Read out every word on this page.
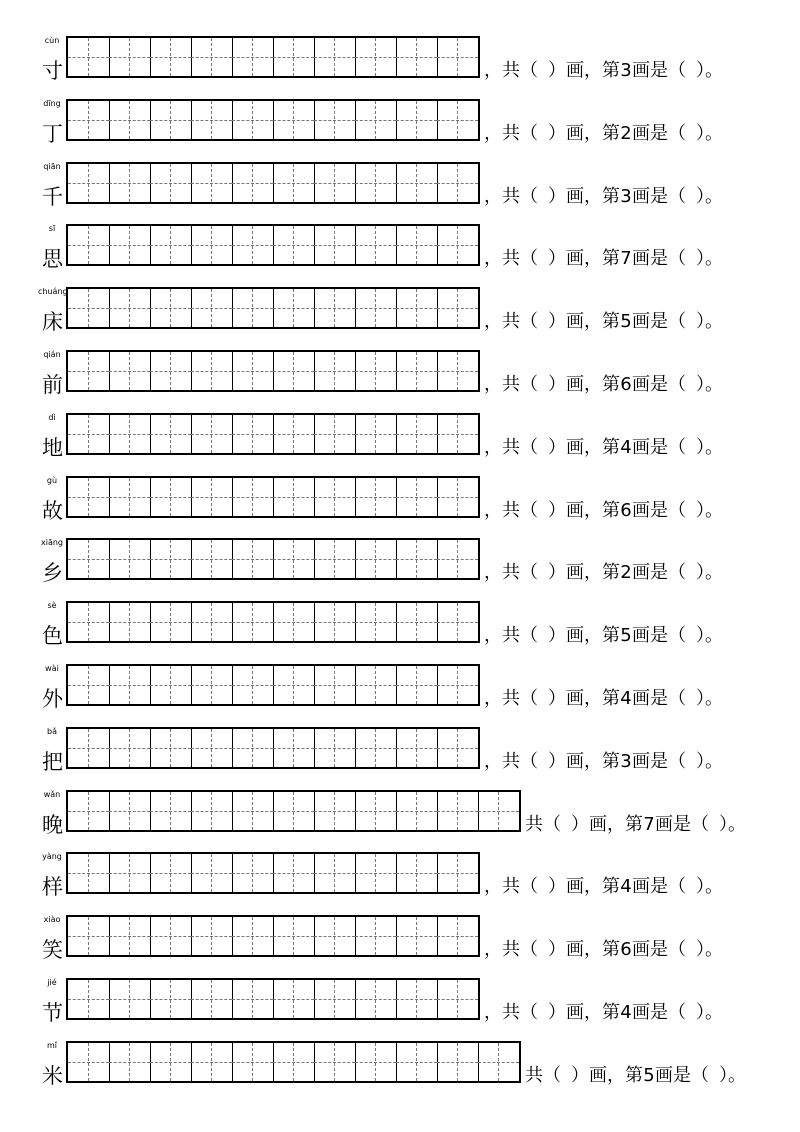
cùn
寸	，共（ ）画，第3画是（ ）。
dīng
丁	，共（ ）画，第2画是（ ）。
qiān
千	，共（ ）画，第3画是（ ）。
sī
思	，共（ ）画，第7画是（ ）。
chuáng
床	，共（ ）画，第5画是（ ）。
qián
前	，共（ ）画，第6画是（ ）。
dì
地	，共（ ）画，第4画是（ ）。
gù
故	，共（ ）画，第6画是（ ）。
xiāng
乡	，共（ ）画，第2画是（ ）。
sè
色	，共（ ）画，第5画是（ ）。
wài
外	，共（ ）画，第4画是（ ）。
bǎ
把	，共（ ）画，第3画是（ ）。
wǎn
晚	共（ ）画，第7画是（ ）。
yàng
样	，共（ ）画，第4画是（ ）。
xiào
笑	，共（ ）画，第6画是（ ）。
jié
节	，共（ ）画，第4画是（ ）。
mǐ
米	共（ ）画，第5画是（ ）。
